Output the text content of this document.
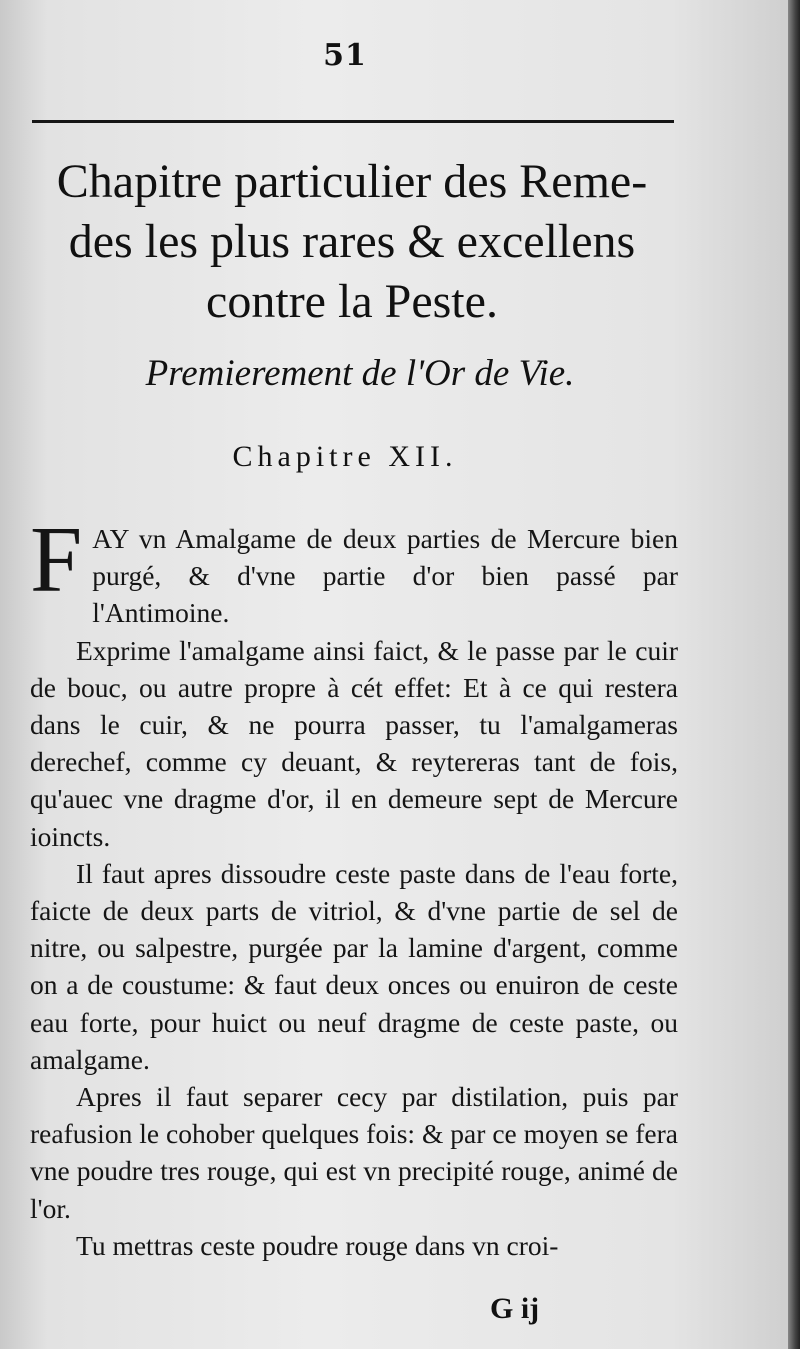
51
Chapitre particulier des Reme-
des les plus rares & excellens
contre la Peste.
Premierement de l'Or de Vie.
Chapitre XII.

FAY vn Amalgame de deux parties de Mercure bien purgé, & d'vne partie d'or bien passé par l'Antimoine.

Exprime l'amalgame ainsi faict, & le passe par le cuir de bouc, ou autre propre à cét effet: Et à ce qui restera dans le cuir, & ne pourra passer, tu l'amalgameras derechef, comme cy deuant, & reytereras tant de fois, qu'auec vne dragme d'or, il en demeure sept de Mercure ioincts.

Il faut apres dissoudre ceste paste dans de l'eau forte, faicte de deux parts de vitriol, & d'vne partie de sel de nitre, ou salpestre, purgée par la lamine d'argent, comme on a de coustume: & faut deux onces ou enuiron de ceste eau forte, pour huict ou neuf dragme de ceste paste, ou amalgame.

Apres il faut separer cecy par distilation, puis par reafusion le cohober quelques fois: & par ce moyen se fera vne poudre tres rouge, qui est vn precipité rouge, animé de l'or.

Tu mettras ceste poudre rouge dans vn croi-

G ij
